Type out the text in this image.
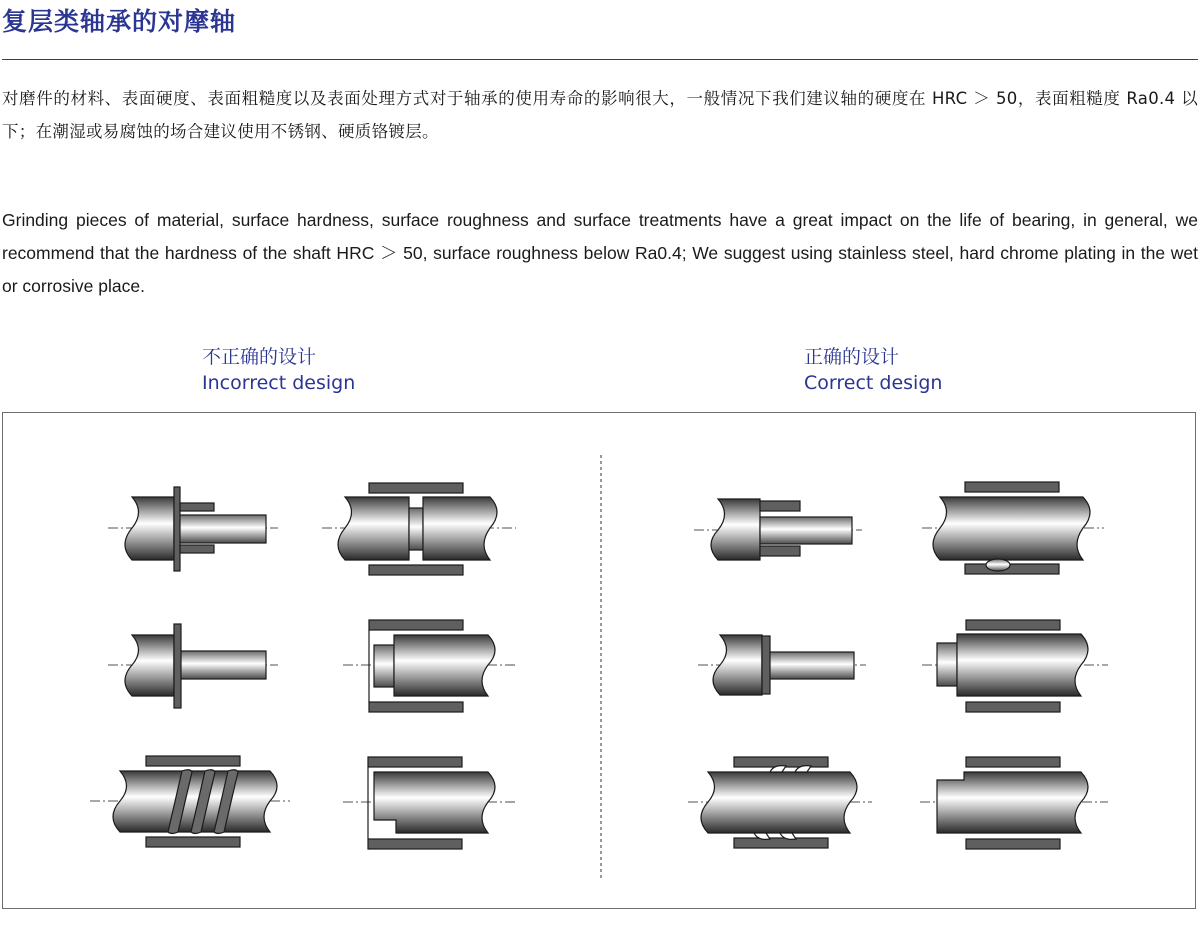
复层类轴承的对摩轴

对磨件的材料、表面硬度、表面粗糙度以及表面处理方式对于轴承的使用寿命的影响很大，一般情况下我们建议轴的硬度在 HRC ＞ 50，表面粗糙度 Ra0.4 以下；在潮湿或易腐蚀的场合建议使用不锈钢、硬质铬镀层。

Grinding pieces of material, surface hardness, surface roughness and surface treatments have a great impact on the life of bearing, in general, we recommend that the hardness of the shaft HRC ＞ 50, surface roughness below Ra0.4; We suggest using stainless steel, hard chrome plating in the wet or corrosive place.

不正确的设计
Incorrect design
正确的设计
Correct design
